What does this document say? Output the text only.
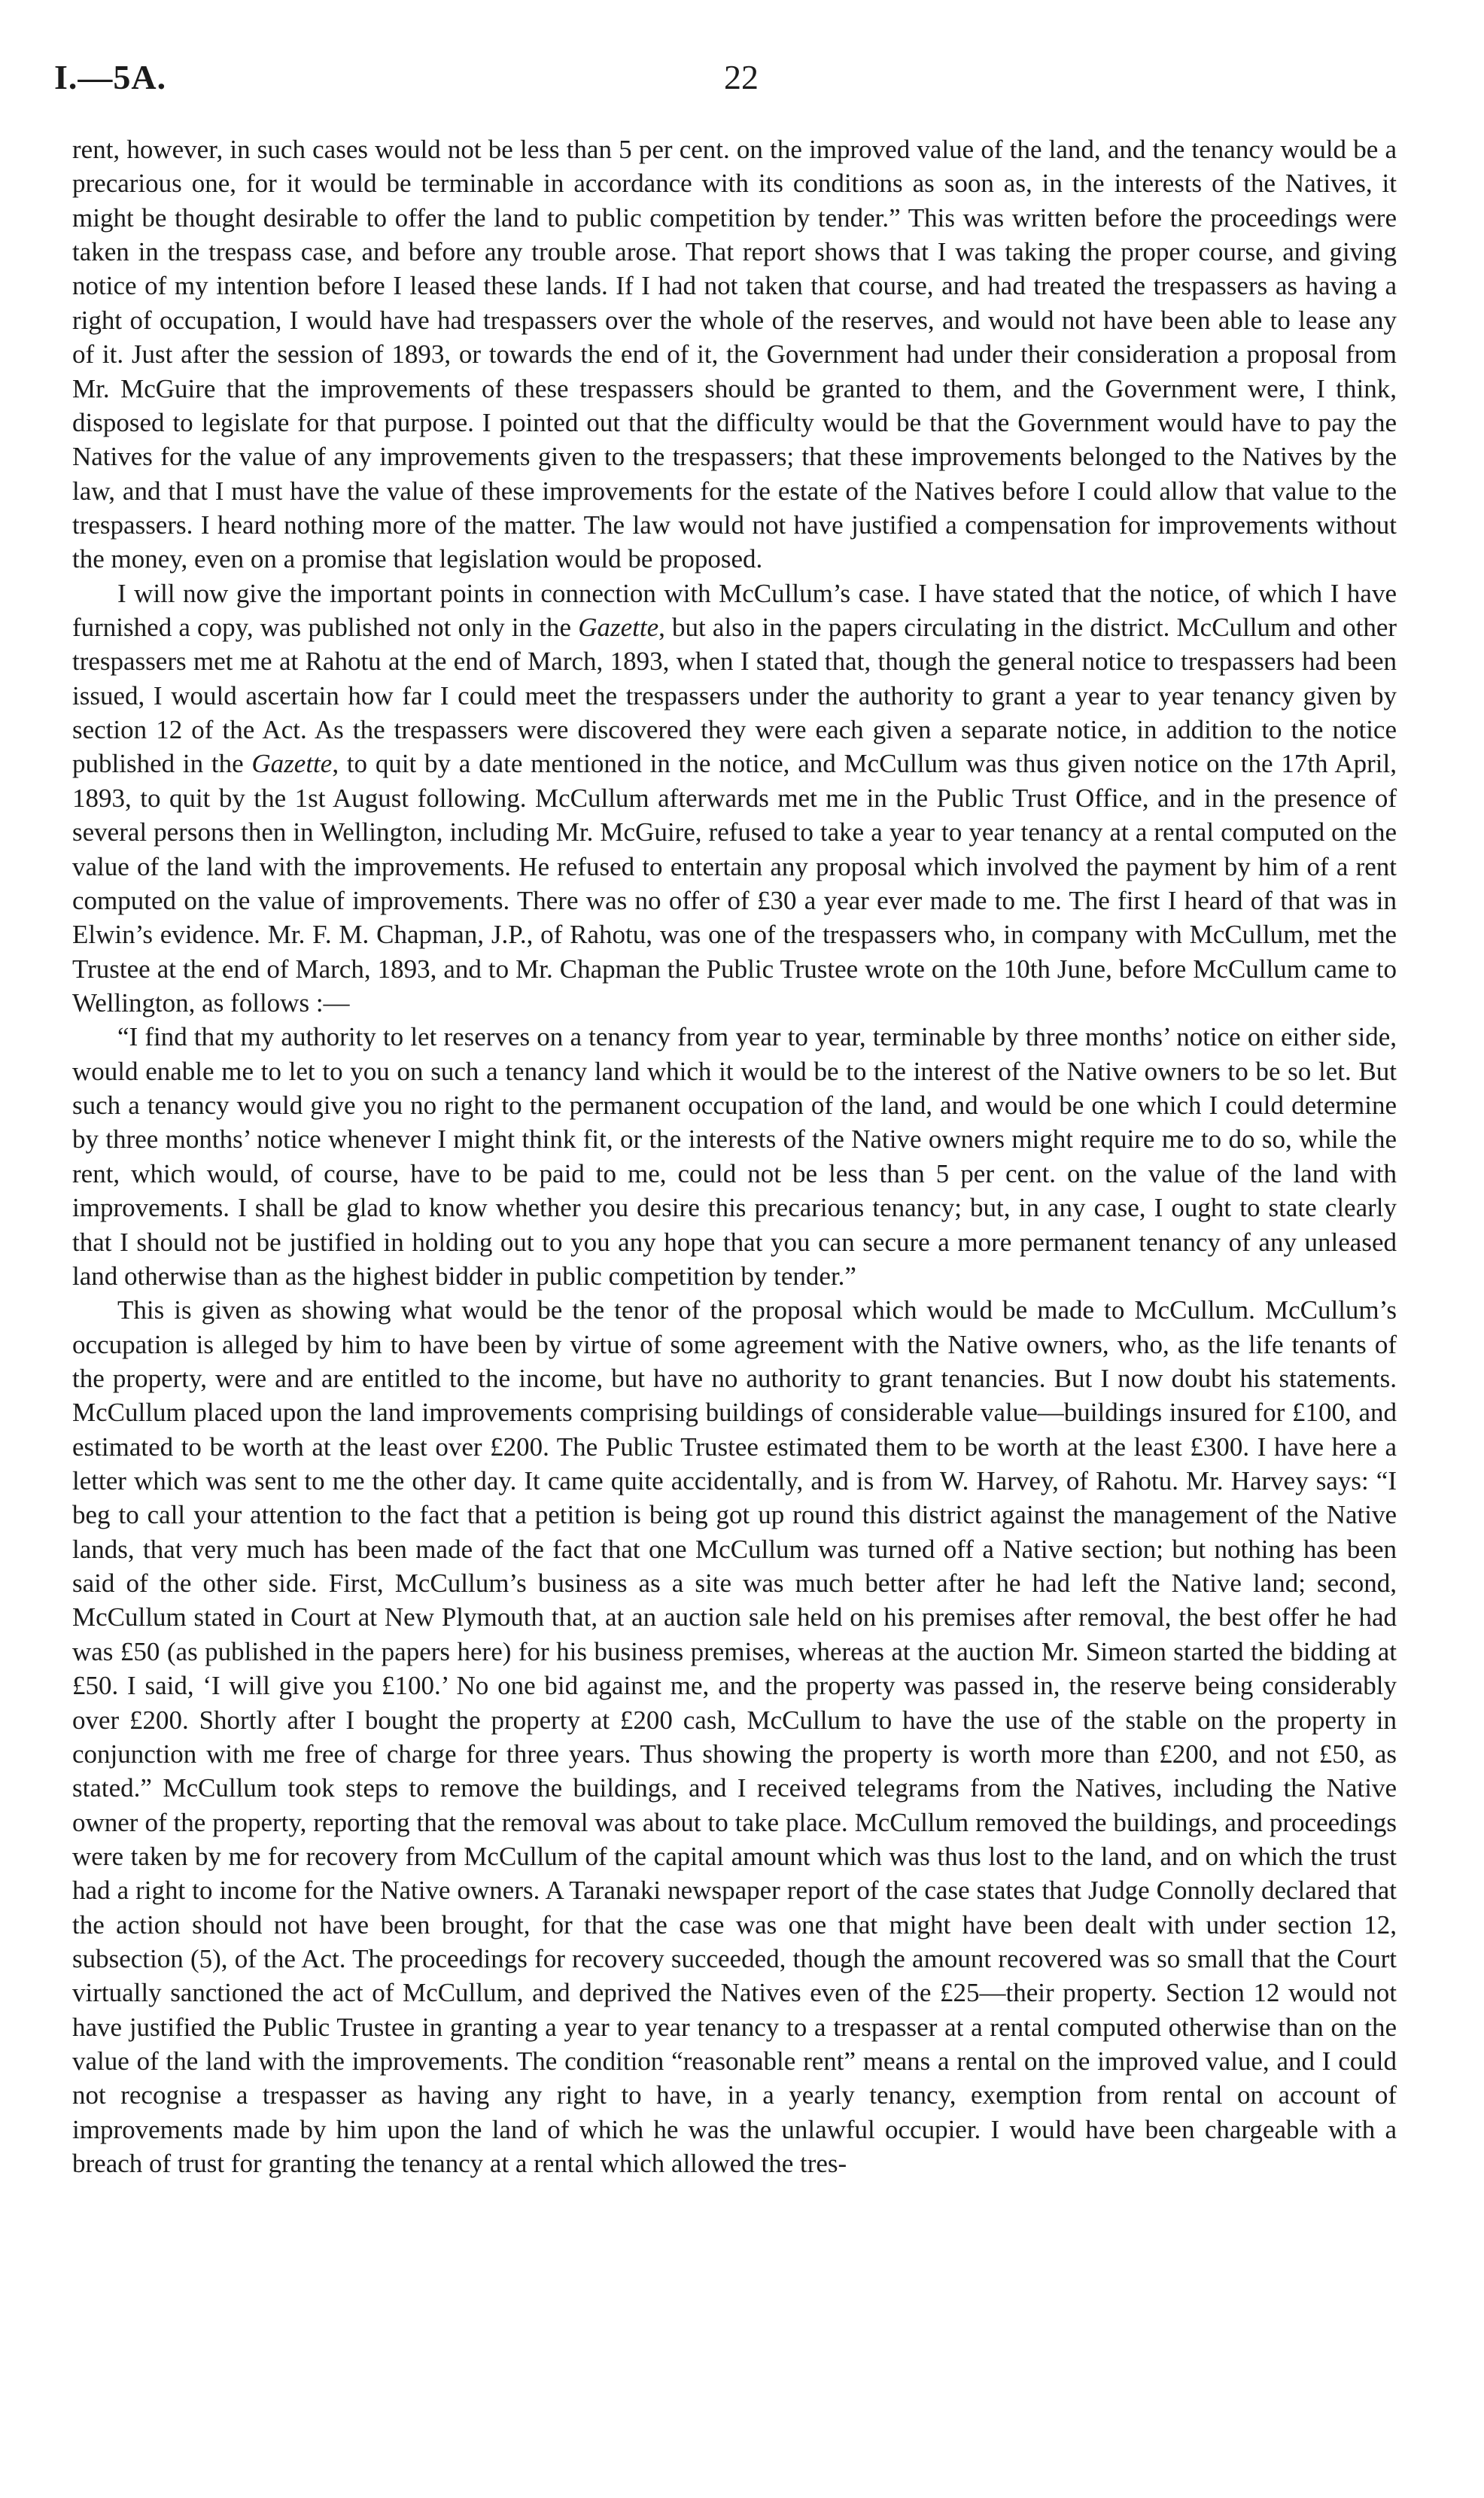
I.—5A.	22

rent, however, in such cases would not be less than 5 per cent. on the improved value of the land, and the tenancy would be a precarious one, for it would be terminable in accordance with its conditions as soon as, in the interests of the Natives, it might be thought desirable to offer the land to public competition by tender.” This was written before the proceedings were taken in the trespass case, and before any trouble arose. That report shows that I was taking the proper course, and giving notice of my intention before I leased these lands. If I had not taken that course, and had treated the trespassers as having a right of occupation, I would have had trespassers over the whole of the reserves, and would not have been able to lease any of it. Just after the session of 1893, or towards the end of it, the Government had under their consideration a proposal from Mr. McGuire that the improvements of these trespassers should be granted to them, and the Government were, I think, disposed to legislate for that purpose. I pointed out that the difficulty would be that the Government would have to pay the Natives for the value of any improvements given to the trespassers; that these improvements belonged to the Natives by the law, and that I must have the value of these improvements for the estate of the Natives before I could allow that value to the trespassers. I heard nothing more of the matter. The law would not have justified a compensation for improvements without the money, even on a promise that legislation would be proposed.

I will now give the important points in connection with McCullum’s case. I have stated that the notice, of which I have furnished a copy, was published not only in the Gazette, but also in the papers circulating in the district. McCullum and other trespassers met me at Rahotu at the end of March, 1893, when I stated that, though the general notice to trespassers had been issued, I would ascertain how far I could meet the trespassers under the authority to grant a year to year tenancy given by section 12 of the Act. As the trespassers were discovered they were each given a separate notice, in addition to the notice published in the Gazette, to quit by a date mentioned in the notice, and McCullum was thus given notice on the 17th April, 1893, to quit by the 1st August following. McCullum afterwards met me in the Public Trust Office, and in the presence of several persons then in Wellington, including Mr. McGuire, refused to take a year to year tenancy at a rental computed on the value of the land with the improvements. He refused to entertain any proposal which involved the payment by him of a rent computed on the value of improvements. There was no offer of £30 a year ever made to me. The first I heard of that was in Elwin’s evidence. Mr. F. M. Chapman, J.P., of Rahotu, was one of the trespassers who, in company with McCullum, met the Trustee at the end of March, 1893, and to Mr. Chapman the Public Trustee wrote on the 10th June, before McCullum came to Wellington, as follows :—

“I find that my authority to let reserves on a tenancy from year to year, terminable by three months’ notice on either side, would enable me to let to you on such a tenancy land which it would be to the interest of the Native owners to be so let. But such a tenancy would give you no right to the permanent occupation of the land, and would be one which I could determine by three months’ notice whenever I might think fit, or the interests of the Native owners might require me to do so, while the rent, which would, of course, have to be paid to me, could not be less than 5 per cent. on the value of the land with improvements. I shall be glad to know whether you desire this precarious tenancy; but, in any case, I ought to state clearly that I should not be justified in holding out to you any hope that you can secure a more permanent tenancy of any unleased land otherwise than as the highest bidder in public competition by tender.”

This is given as showing what would be the tenor of the proposal which would be made to McCullum. McCullum’s occupation is alleged by him to have been by virtue of some agreement with the Native owners, who, as the life tenants of the property, were and are entitled to the income, but have no authority to grant tenancies. But I now doubt his statements. McCullum placed upon the land improvements comprising buildings of considerable value—buildings insured for £100, and estimated to be worth at the least over £200. The Public Trustee estimated them to be worth at the least £300. I have here a letter which was sent to me the other day. It came quite accidentally, and is from W. Harvey, of Rahotu. Mr. Harvey says: “I beg to call your attention to the fact that a petition is being got up round this district against the management of the Native lands, that very much has been made of the fact that one McCullum was turned off a Native section; but nothing has been said of the other side. First, McCullum’s business as a site was much better after he had left the Native land; second, McCullum stated in Court at New Plymouth that, at an auction sale held on his premises after removal, the best offer he had was £50 (as published in the papers here) for his business premises, whereas at the auction Mr. Simeon started the bidding at £50. I said, ‘I will give you £100.’ No one bid against me, and the property was passed in, the reserve being considerably over £200. Shortly after I bought the property at £200 cash, McCullum to have the use of the stable on the property in conjunction with me free of charge for three years. Thus showing the property is worth more than £200, and not £50, as stated.” McCullum took steps to remove the buildings, and I received telegrams from the Natives, including the Native owner of the property, reporting that the removal was about to take place. McCullum removed the buildings, and proceedings were taken by me for recovery from McCullum of the capital amount which was thus lost to the land, and on which the trust had a right to income for the Native owners. A Taranaki newspaper report of the case states that Judge Connolly declared that the action should not have been brought, for that the case was one that might have been dealt with under section 12, subsection (5), of the Act. The proceedings for recovery succeeded, though the amount recovered was so small that the Court virtually sanctioned the act of McCullum, and deprived the Natives even of the £25—their property. Section 12 would not have justified the Public Trustee in granting a year to year tenancy to a trespasser at a rental computed otherwise than on the value of the land with the improvements. The condition “reasonable rent” means a rental on the improved value, and I could not recognise a trespasser as having any right to have, in a yearly tenancy, exemption from rental on account of improvements made by him upon the land of which he was the unlawful occupier. I would have been chargeable with a breach of trust for granting the tenancy at a rental which allowed the tres-
